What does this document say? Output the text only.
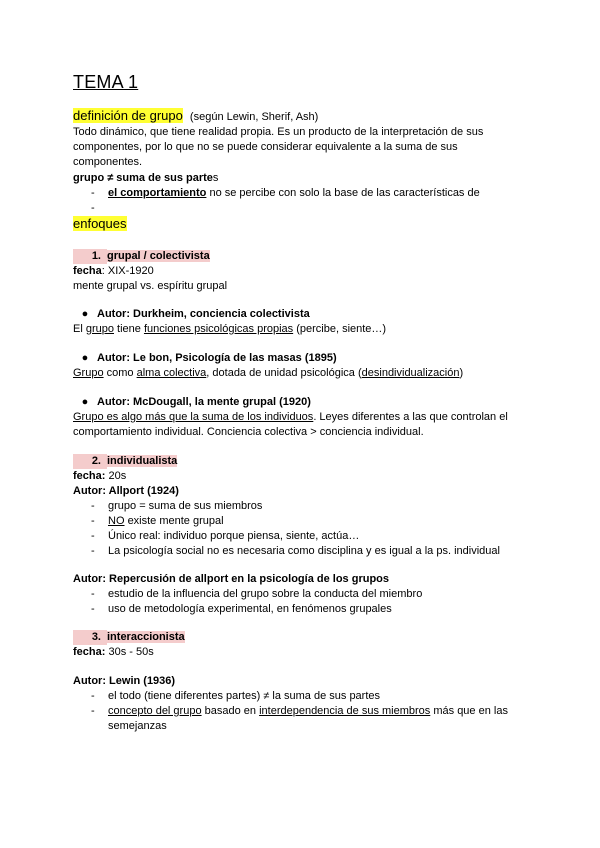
TEMA 1
definición de grupo (según Lewin, Sherif, Ash)
Todo dinámico, que tiene realidad propia. Es un producto de la interpretación de sus componentes, por lo que no se puede considerar equivalente a la suma de sus componentes.
grupo ≠ suma de sus partes
- el comportamiento no se percibe con solo la base de las características de
-
enfoques
1. grupal / colectivista
fecha: XIX-1920
mente grupal vs. espíritu grupal
● Autor: Durkheim, conciencia colectivista
El grupo tiene funciones psicológicas propias (percibe, siente…)
● Autor: Le bon, Psicología de las masas (1895)
Grupo como alma colectiva, dotada de unidad psicológica (desindividualización)
● Autor: McDougall, la mente grupal (1920)
Grupo es algo más que la suma de los individuos. Leyes diferentes a las que controlan el comportamiento individual. Conciencia colectiva > conciencia individual.
2. individualista
fecha: 20s
Autor: Allport (1924)
- grupo = suma de sus miembros
- NO existe mente grupal
- Único real: individuo porque piensa, siente, actúa…
- La psicología social no es necesaria como disciplina y es igual a la ps. individual
Autor: Repercusión de allport en la psicología de los grupos
- estudio de la influencia del grupo sobre la conducta del miembro
- uso de metodología experimental, en fenómenos grupales
3. interaccionista
fecha: 30s - 50s
Autor: Lewin (1936)
- el todo (tiene diferentes partes) ≠ la suma de sus partes
-	concepto del grupo basado en interdependencia de sus miembros más que en las semejanzas
